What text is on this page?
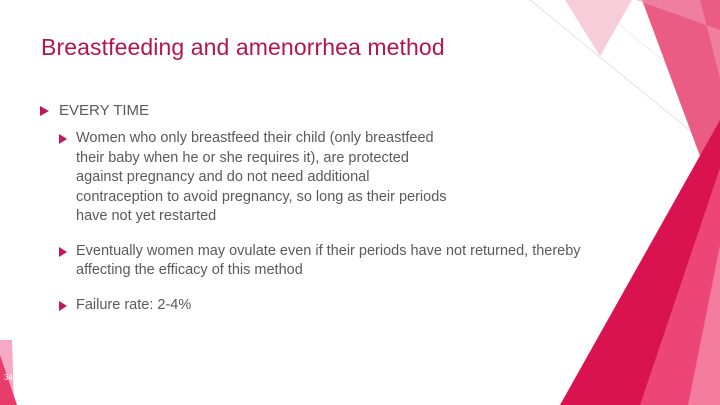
Breastfeeding and amenorrhea method
EVERY TIME
Women who only breastfeed their child (only breastfeed their baby when he or she requires it), are protected against pregnancy and do not need additional contraception to avoid pregnancy, so long as their periods have not yet restarted
Eventually women may ovulate even if their periods have not returned, thereby affecting the efficacy of this method
Failure rate: 2-4%
34
